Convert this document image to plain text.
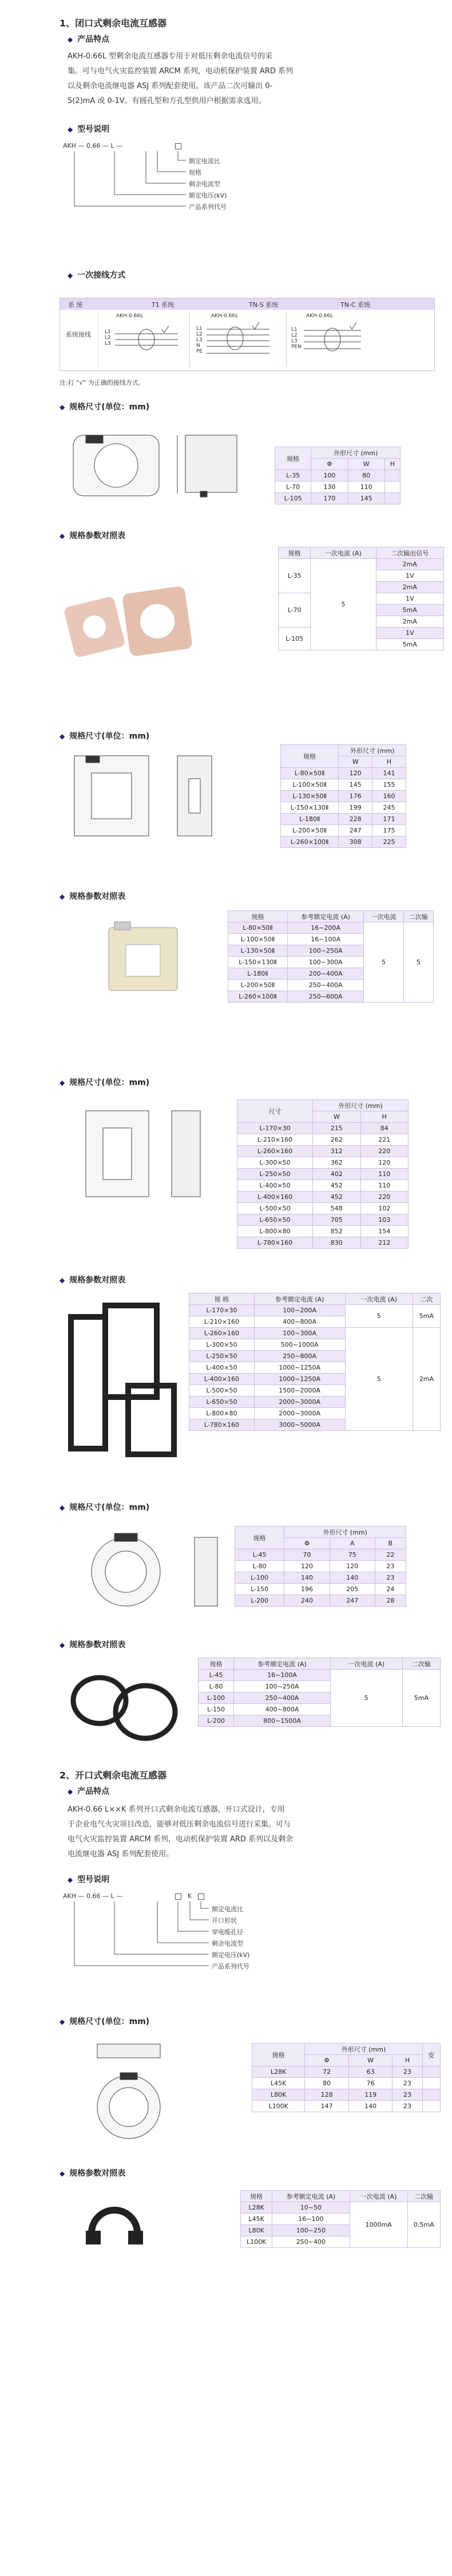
1、闭口式剩余电流互感器
◆ 产品特点
AKH-0.66L 型剩余电流互感器专用于对低压剩余电流信号的采
集。可与电气火灾监控装置 ARCM 系列，电动机保护装置 ARD 系列
以及剩余电流继电器 ASJ 系列配套使用。该产品二次可输出 0-
5(2)mA 或 0-1V。有圆孔型和方孔型供用户根据需求选用。
◆ 型号说明
AKH — 0.66 — L —
额定电流比
规格
剩余电流型
额定电压(kV)
产品系列代号
◆ 一次接线方式
系 统	T1 系统	TN-S 系统	TN-C 系统
系统接线
AKH-0.66L	AKH-0.66L	AKH-0.66L
L1
L2
L3
L1
L2
L3
N
PE
L1
L2
L3
PEN
注:打 "√" 为正确的接线方式。
◆ 规格尺寸(单位：mm)
规格	外形尺寸 (mm)		
	Φ	W	H
L-35	100	80	
L-70	130	110	
L-105	170	145	
◆ 规格参数对照表
规格	一次电流 (A)	二次输出信号
L-35	5	2mA
		1V
		2mA
L-70		1V
		5mA
		2mA
L-105		1V
		5mA
◆ 规格尺寸(单位：mm)
规格	外形尺寸 (mm)	
	W	H
L-80×50Ⅱ	120	141
L-100×50Ⅱ	145	155
L-130×50Ⅱ	176	160
L-150×130Ⅱ	199	245
L-180Ⅱ	228	171
L-200×50Ⅱ	247	175
L-260×100Ⅱ	308	225
◆ 规格参数对照表
规格	参考额定电流 (A)	一次电流	二次输
L-80×50Ⅱ	16~200A	5	5
L-100×50Ⅱ	16~100A		
L-130×50Ⅱ	100~250A		
L-150×130Ⅱ	100~300A		
L-180Ⅱ	200~400A		
L-200×50Ⅱ	250~400A		
L-260×100Ⅱ	250~600A		
◆ 规格尺寸(单位：mm)
尺寸	外形尺寸 (mm)	
	W	H
L-170×30	215	84
L-210×160	262	221
L-260×160	312	220
L-300×50	362	120
L-250×50	402	110
L-400×50	452	110
L-400×160	452	220
L-500×50	548	102
L-650×50	705	103
L-800×80	852	154
L-780×160	830	212
◆ 规格参数对照表
规 格	参考额定电流 (A)	一次电流 (A)	二次
L-170×30	100~200A	5	5mA
L-210×160	400~800A		
L-260×160	100~300A	5	2mA
L-300×50	500~1000A		
L-250×50	250~800A		
L-400×50	1000~1250A		
L-400×160	1000~1250A		
L-500×50	1500~2000A		
L-650×50	2000~3000A		
L-800×80	2000~3000A		
L-780×160	3000~5000A		
◆ 规格尺寸(单位：mm)
规格	外形尺寸 (mm)		
	Φ	A	B
L-45	70	75	22
L-80	120	120	23
L-100	140	140	23
L-150	196	205	24
L-200	240	247	28
◆ 规格参数对照表
规格	参考额定电流 (A)	一次电流 (A)	二次输
L-45	16~100A	5	5mA
L-80	100~250A		
L-100	250~400A		
L-150	400~800A		
L-200	800~1500A		
2、开口式剩余电流互感器
◆ 产品特点
AKH-0.66 L××K 系列开口式剩余电流互感器，开口式设计，专用
于企业电气火灾项目改造，能够对低压剩余电流信号进行采集。可与
电气火灾监控装置 ARCM 系列，电动机保护装置 ARD 系列以及剩余
电流继电器 ASJ 系列配套使用。
◆ 型号说明
AKH — 0.66 — L —	K
额定电流比
开口形状
穿电缆孔径
剩余电流型
额定电压(kV)
产品系列代号
◆ 规格尺寸(单位：mm)
规格	外形尺寸 (mm)			安
	Φ	W	H	
L28K	72	63	23	
L45K	80	76	23	
L80K	128	119	23	
L100K	147	140	23	
◆ 规格参数对照表
规格	参考额定电流 (A)	一次电流 (A)	二次输
L28K	10~50	1000mA	0.5mA
L45K	16~100		
L80K	100~250		
L100K	250~400		
